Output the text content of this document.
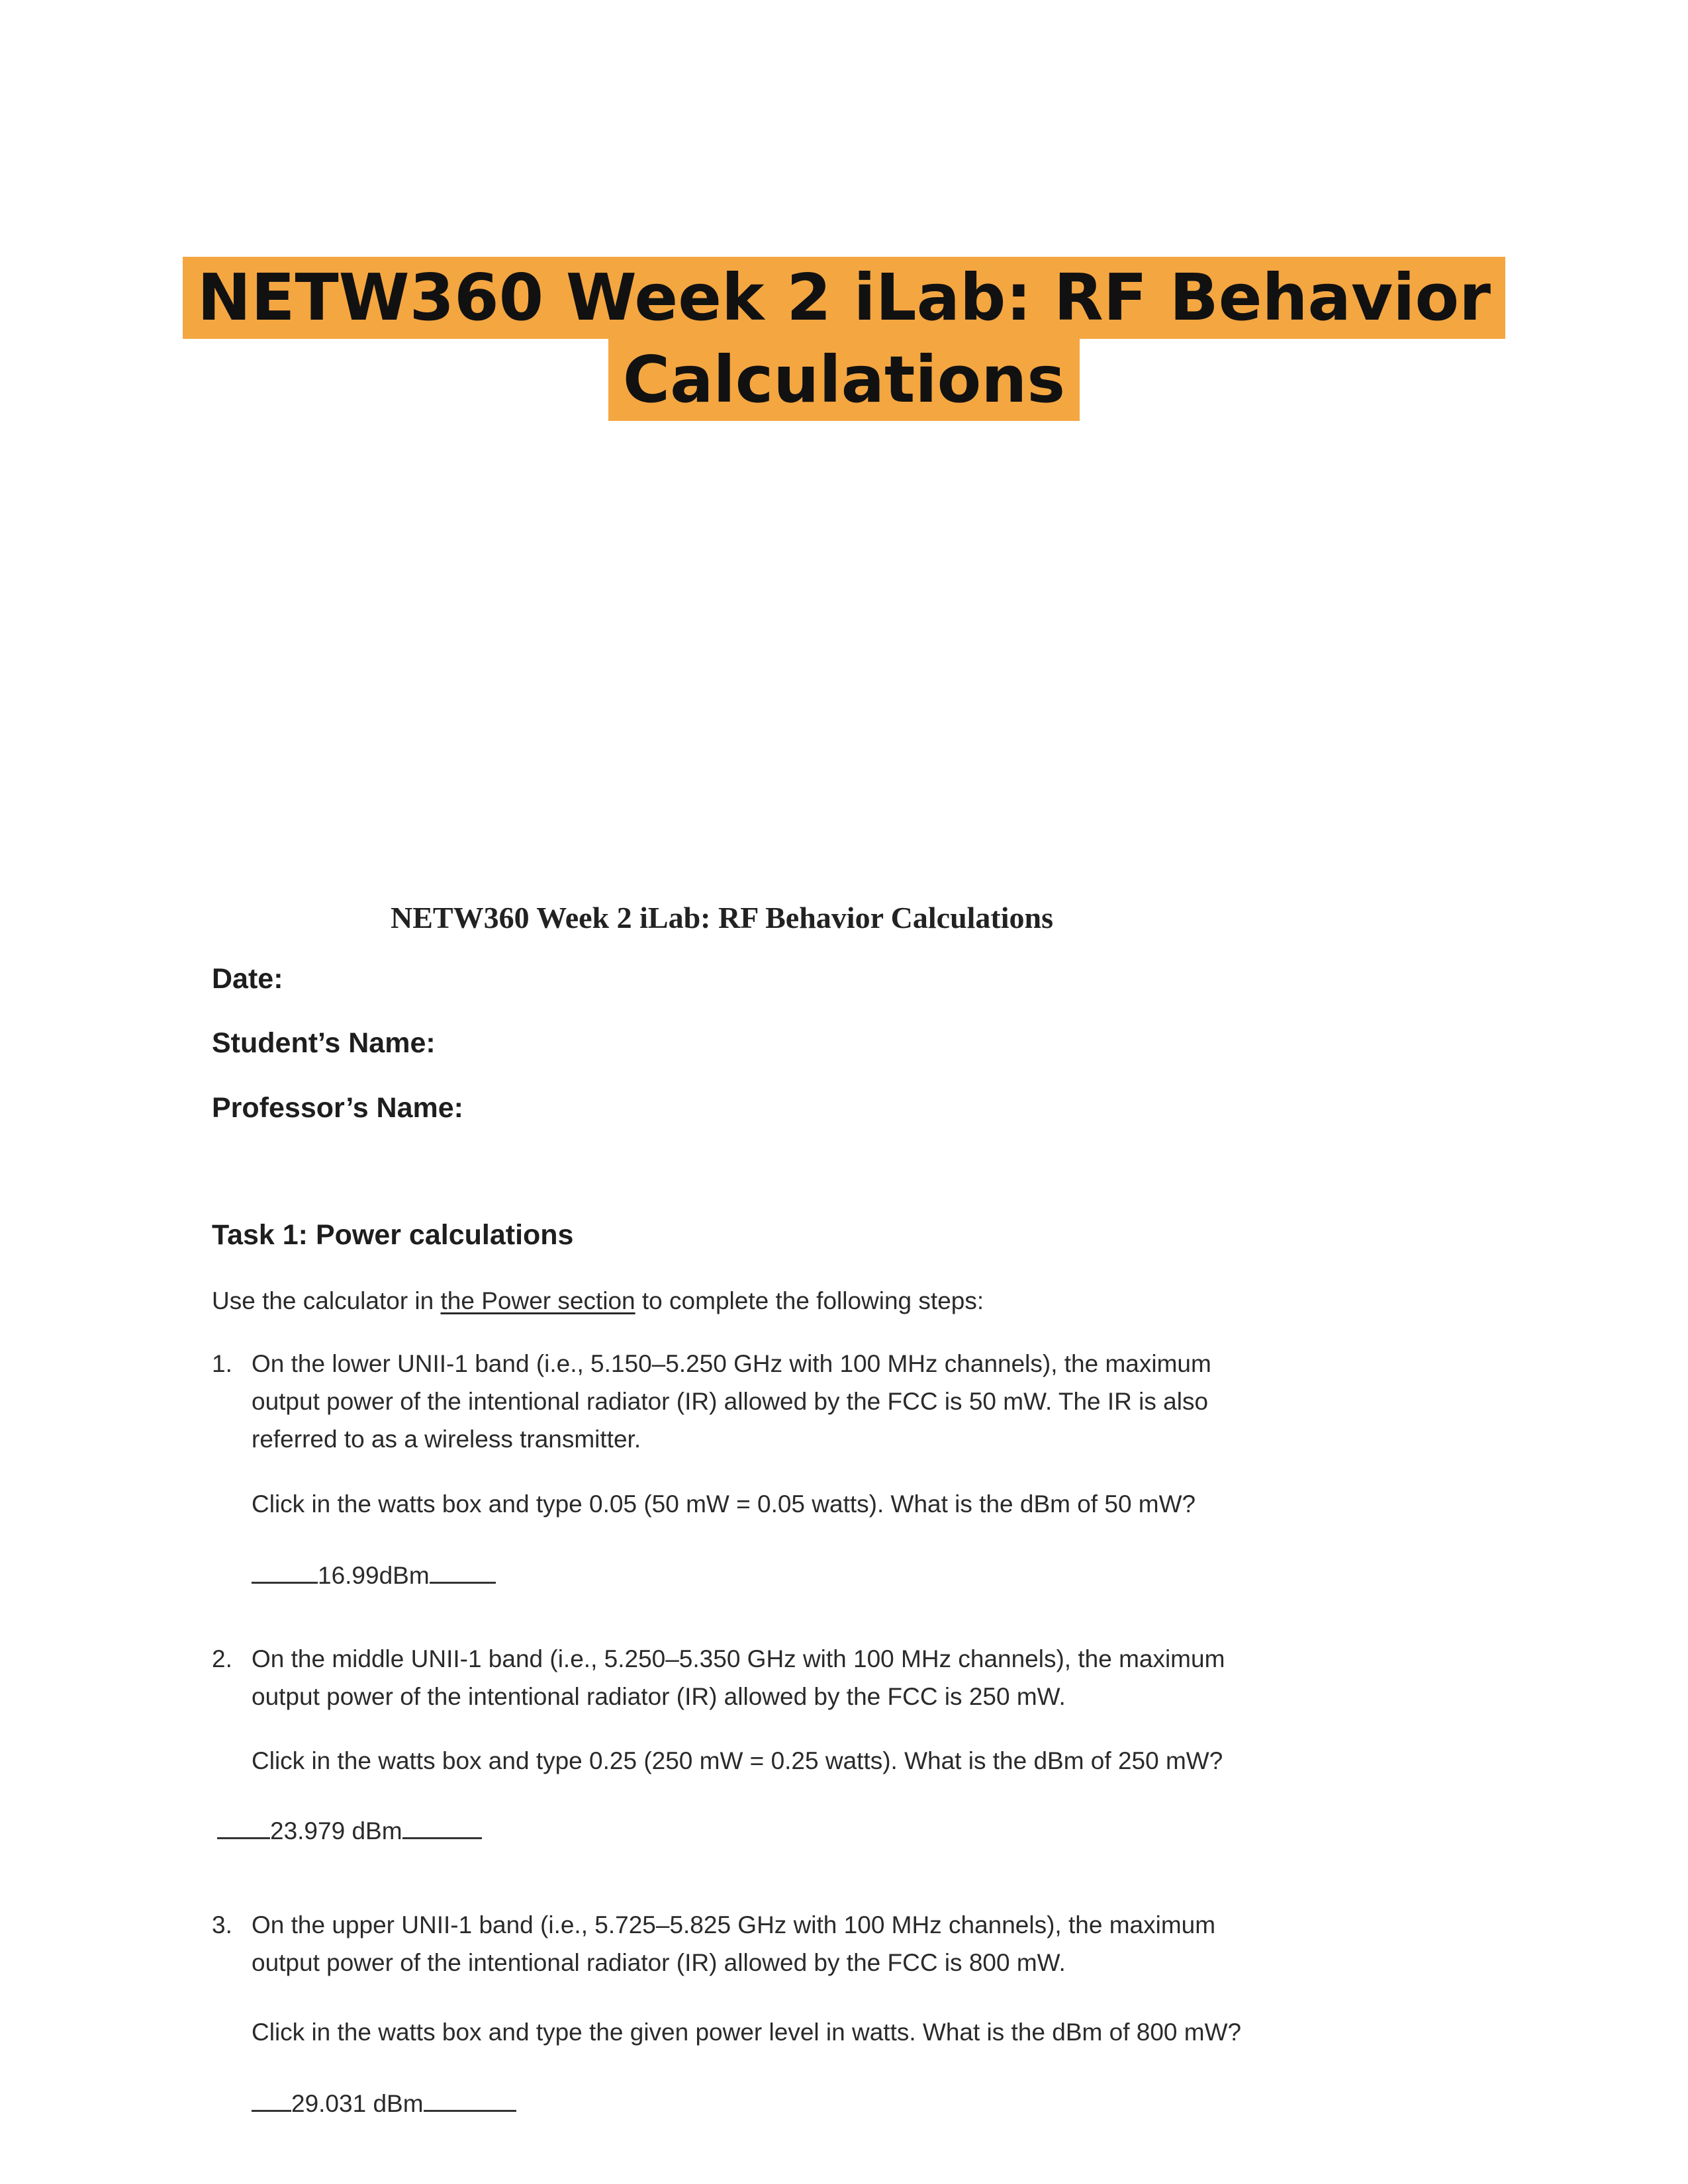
NETW360 Week 2 iLab: RF Behavior
Calculations
NETW360 Week 2 iLab: RF Behavior Calculations
Date:
Student’s Name:
Professor’s Name:
Task 1: Power calculations
Use the calculator in the Power section to complete the following steps:
1. On the lower UNII-1 band (i.e., 5.150–5.250 GHz with 100 MHz channels), the maximum output power of the intentional radiator (IR) allowed by the FCC is 50 mW. The IR is also referred to as a wireless transmitter.
Click in the watts box and type 0.05 (50 mW = 0.05 watts). What is the dBm of 50 mW?
16.99dBm
2. On the middle UNII-1 band (i.e., 5.250–5.350 GHz with 100 MHz channels), the maximum output power of the intentional radiator (IR) allowed by the FCC is 250 mW.
Click in the watts box and type 0.25 (250 mW = 0.25 watts). What is the dBm of 250 mW?
23.979 dBm
3. On the upper UNII-1 band (i.e., 5.725–5.825 GHz with 100 MHz channels), the maximum output power of the intentional radiator (IR) allowed by the FCC is 800 mW.
Click in the watts box and type the given power level in watts. What is the dBm of 800 mW?
29.031 dBm
